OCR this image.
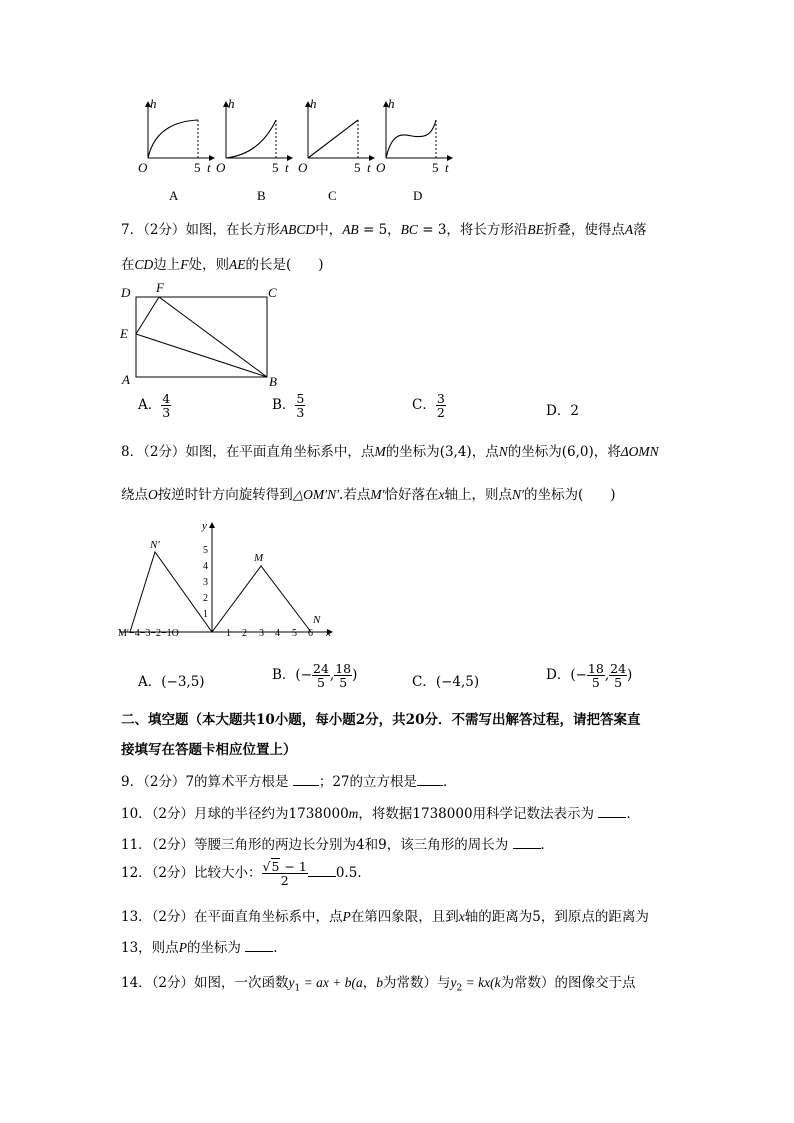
h
O	5 t
A
h
O	5 t
B
h
O	5 t
C
h
O	5 t
D
7．（2分）如图，在长方形ABCD中，AB = 5，BC = 3，将长方形沿BE折叠，使得点A落
在CD边上F处，则AE的长是(　　)
D F	C
E
A	B
A． $\frac{4}{3}$	B． $\frac{5}{3}$	C． $\frac{3}{2}$	D．2
8．（2分）如图，在平面直角坐标系中，点M的坐标为(3,4)，点N的坐标为(6,0)，将ΔOMN
绕点O按逆时针方向旋转得到△OM′N′.若点M′恰好落在x轴上，则点N′的坐标为(　　)
y
x
5
4
3
2
1
1 2 3 4 5 6
M′−4−3−2−1O
N′
M
N
A．(−3,5)	B．(− $\frac{24}{5}$ , $\frac{18}{5}$ )	C．(−4,5)	D．(− $\frac{18}{5}$ , $\frac{24}{5}$ )
二、填空题（本大题共10小题，每小题2分，共20分．不需写出解答过程，请把答案直
接填写在答题卡相应位置上）
9．（2分）7的算术平方根是 ；27的立方根是 ．
10．（2分）月球的半径约为1738000m，将数据1738000用科学记数法表示为 ．
11．（2分）等腰三角形的两边长分别为4和9，该三角形的周长为 ．
12．（2分）比较大小： $\frac{√5 - 1}{2} 0.5$.
13．（2分）在平面直角坐标系中，点P在第四象限，且到x轴的距离为5，到原点的距离为
13，则点P的坐标为 ．
14．（2分）如图，一次函数$y_1$ = ax + b(a，b为常数）与$y_2 = kx(k$为常数）的图像交于点
